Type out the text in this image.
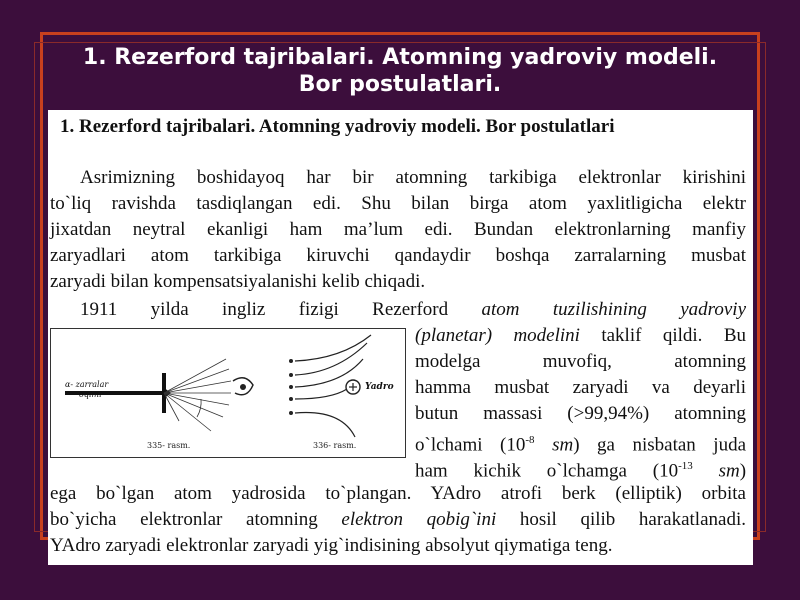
1. Rezerford tajribalari. Atomning yadroviy modeli.
Bor postulatlari.
1. Rezerford tajribalari. Atomning yadroviy modeli. Bor postulatlari
Asrimizning boshidayoq har bir atomning tarkibiga elektronlar kirishini
to`liq ravishda tasdiqlangan edi. Shu bilan birga atom yaxlitligicha elektr
jixatdan neytral ekanligi ham ma’lum edi. Bundan elektronlarning manfiy
zaryadlari atom tarkibiga kiruvchi qandaydir boshqa zarralarning musbat
zaryadi bilan kompensatsiyalanishi kelib chiqadi.
1911 yilda ingliz fizigi Rezerford atom tuzilishining yadroviy
(planetar) modelini taklif qildi. Bu
modelga muvofiq, atomning
hamma musbat zaryadi va deyarli
butun massasi (>99,94%) atomning
o`lchami ($10^{-8}$ sm) ga nisbatan juda
ham kichik o`lchamga ($10^{-13}$ sm)
ega bo`lgan atom yadrosida to`plangan. YAdro atrofi berk (elliptik) orbita
bo`yicha elektronlar atomning elektron qobig`ini hosil qilib harakatlanadi.
YAdro zaryadi elektronlar zaryadi yig`indisining absolyut qiymatiga teng.
α- zarralar
oqimi
Yadro
335- rasm.	336- rasm.
